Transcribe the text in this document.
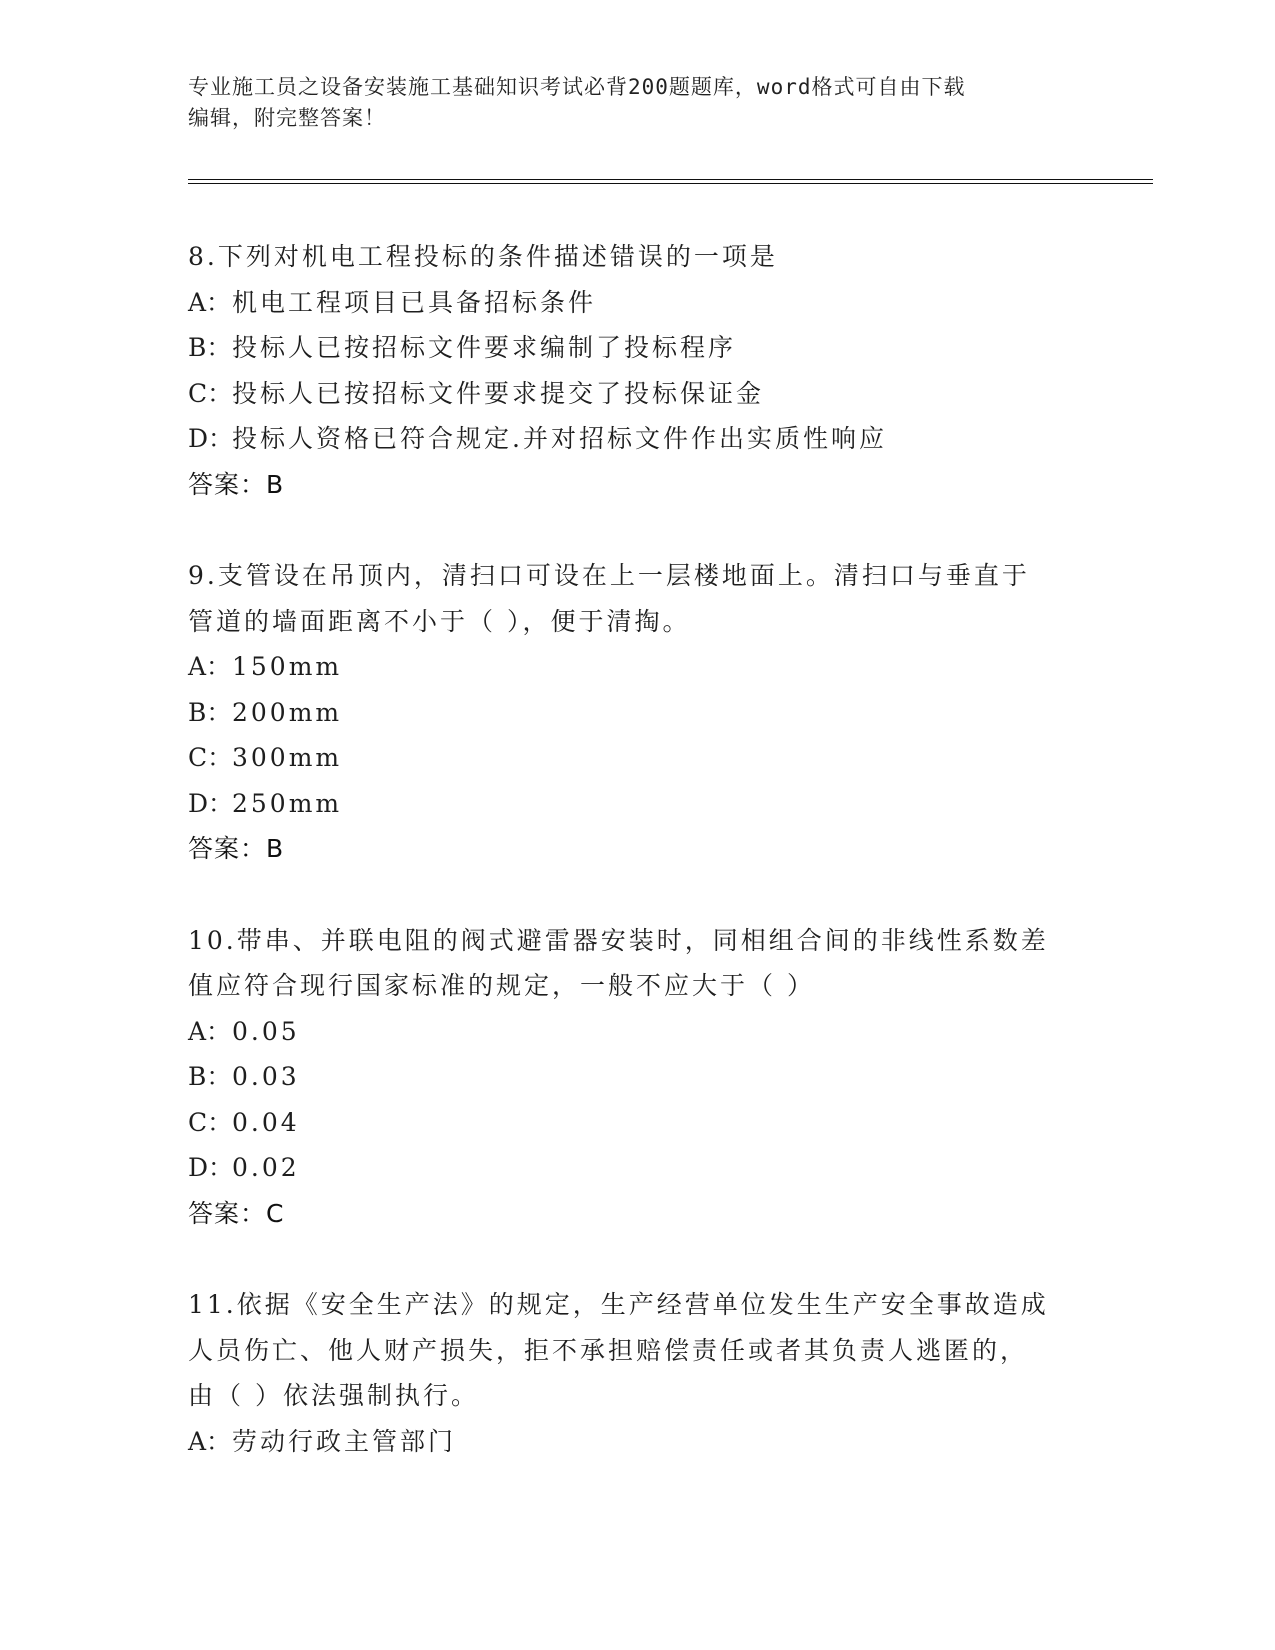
专业施工员之设备安装施工基础知识考试必背200题题库，word格式可自由下载
编辑，附完整答案！
8.下列对机电工程投标的条件描述错误的一项是
A：机电工程项目已具备招标条件
B：投标人已按招标文件要求编制了投标程序
C：投标人已按招标文件要求提交了投标保证金
D：投标人资格已符合规定.并对招标文件作出实质性响应
答案：B
9.支管设在吊顶内，清扫口可设在上一层楼地面上。清扫口与垂直于
管道的墙面距离不小于（ ），便于清掏。
A：150mm
B：200mm
C：300mm
D：250mm
答案：B
10.带串、并联电阻的阀式避雷器安装时，同相组合间的非线性系数差
值应符合现行国家标准的规定，一般不应大于（ ）
A：0.05
B：0.03
C：0.04
D：0.02
答案：C
11.依据《安全生产法》的规定，生产经营单位发生生产安全事故造成
人员伤亡、他人财产损失，拒不承担赔偿责任或者其负责人逃匿的，
由（ ）依法强制执行。
A：劳动行政主管部门
